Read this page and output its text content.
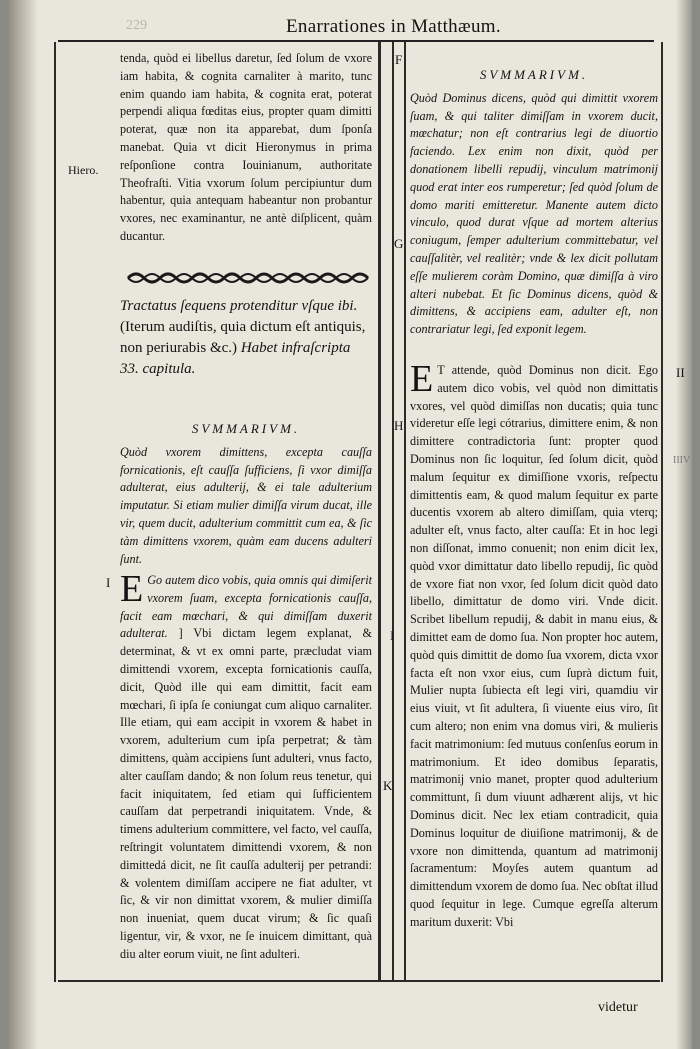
229	Enarrationes in Matthæum.
Hiero.
F
G
H
I
K
I
II
IIIV

tenda, quòd ei libellus daretur, ſed ſolum de vxore iam habita, & cognita carnaliter à marito, tunc enim quando iam habita, & cognita erat, poterat perpendi aliqua fœditas eius, propter quam dimitti poterat, quæ non ita apparebat, dum ſponſa manebat. Quia vt dicit Hieronymus in prima reſponſione contra Iouinianum, authoritate Theofraſti. Vitia vxorum ſolum percipiuntur dum habentur, quia antequam habeantur non probantur vxores, nec examinantur, ne antè diſplicent, quàm ducantur.

Tractatus ſequens protenditur vſque ibi. (Iterum audiſtis, quia dictum eſt antiquis, non periurabis &c.) Habet infraſcripta 33. capitula.

SVMMARIVM.

Quòd vxorem dimittens, excepta cauſſa fornicationis, eſt cauſſa ſufficiens, ſi vxor dimiſſa adulterat, eius adulterij, & ei tale adulterium imputatur. Si etiam mulier dimiſſa virum ducat, ille vir, quem ducit, adulterium committit cum ea, & ſic tàm dimittens vxorem, quàm eam ducens adulteri ſunt.

E Go autem dico vobis, quia omnis qui dimiſerit vxorem ſuam, excepta fornicationis cauſſa, facit eam mœchari, & qui dimiſſam duxerit adulterat. ] Vbi dictam legem explanat, & determinat, & vt ex omni parte, præcludat viam dimittendi vxorem, excepta fornicationis cauſſa, dicit, Quòd ille qui eam dimittit, facit eam mœchari, ſi ipſa ſe coniungat cum aliquo carnaliter. Ille etiam, qui eam accipit in vxorem & habet in vxorem, adulterium cum ipſa perpetrat; & tàm dimittens, quàm accipiens ſunt adulteri, vnus facto, alter cauſſam dando; & non ſolum reus tenetur, qui facit iniquitatem, ſed etiam qui ſufficientem cauſſam dat perpetrandi iniquitatem. Vnde, & timens adulterium committere, vel facto, vel cauſſa, reſtringit voluntatem dimittendi vxorem, & non dimittedá dicit, ne ſit cauſſa adulterij per petrandi: & volentem dimiſſam accipere ne fiat adulter, vt ſic, & vir non dimittat vxorem, & mulier dimiſſa non inueniat, quem ducat virum; & ſic quaſi ligentur, vir, & vxor, ne ſe inuicem dimittant, quà diu alter eorum viuit, ne ſint adulteri.

SVMMARIVM.

Quòd Dominus dicens, quòd qui dimittit vxorem ſuam, & qui taliter dimiſſam in vxorem ducit, mœchatur; non eſt contrarius legi de diuortio faciendo. Lex enim non dixit, quòd per donationem libelli repudij, vinculum matrimonij quod erat inter eos rumperetur; ſed quòd ſolum de domo mariti emitteretur. Manente autem dicto vinculo, quod durat vſque ad mortem alterius coniugum, ſemper adulterium committebatur, vel cauſſalitèr, vel realitèr; vnde & lex dicit pollutam eſſe mulierem coràm Domino, quæ dimiſſa à viro alteri nubebat. Et ſic Dominus dicens, quòd & dimittens, & accipiens eam, adulter eſt, non contrariatur legi, ſed exponit legem.

E T attende, quòd Dominus non dicit. Ego autem dico vobis, vel quòd non dimittatis vxores, vel quòd dimiſſas non ducatis; quia tunc videretur eſſe legi cótrarius, dimittere enim, & non dimittere contradictoria ſunt: propter quod Dominus non ſic loquitur, ſed ſolum dicit, quòd malum ſequitur ex dimiſſione vxoris, reſpectu dimittentis eam, & quod malum ſequitur ex parte ducentis vxorem ab altero dimiſſam, quia vterq; adulter eſt, vnus facto, alter cauſſa: Et in hoc legi non diſſonat, immo conuenit; non enim dicit lex, quòd vxor dimittatur dato libello repudij, ſic quòd de vxore fiat non vxor, ſed ſolum dicit quòd dato libello, dimittatur de domo viri. Vnde dicit. Scribet libellum repudij, & dabit in manu eius, & dimittet eam de domo ſua. Non propter hoc autem, quòd quis dimittit de domo ſua vxorem, dicta vxor facta eſt non vxor eius, cum ſuprà dictum fuit, Mulier nupta ſubiecta eſt legi viri, quamdiu vir eius viuit, vt ſit adultera, ſi viuente eius viro, ſit cum altero; non enim vna domus viri, & mulieris facit matrimonium: ſed mutuus conſenſus eorum in matrimonium. Et ideo domibus ſeparatis, matrimonij vnio manet, propter quod adulterium committunt, ſi dum viuunt adhærent alijs, vt hic Dominus dicit. Nec lex etiam contradicit, quia Dominus loquitur de diuiſione matrimonij, & de vxore non dimittenda, quantum ad matrimonij ſacramentum: Moyſes autem quantum ad dimittendum vxorem de domo ſua. Nec obſtat illud quod ſequitur in lege. Cumque egreſſa alterum maritum duxerit: Vbi

videtur
